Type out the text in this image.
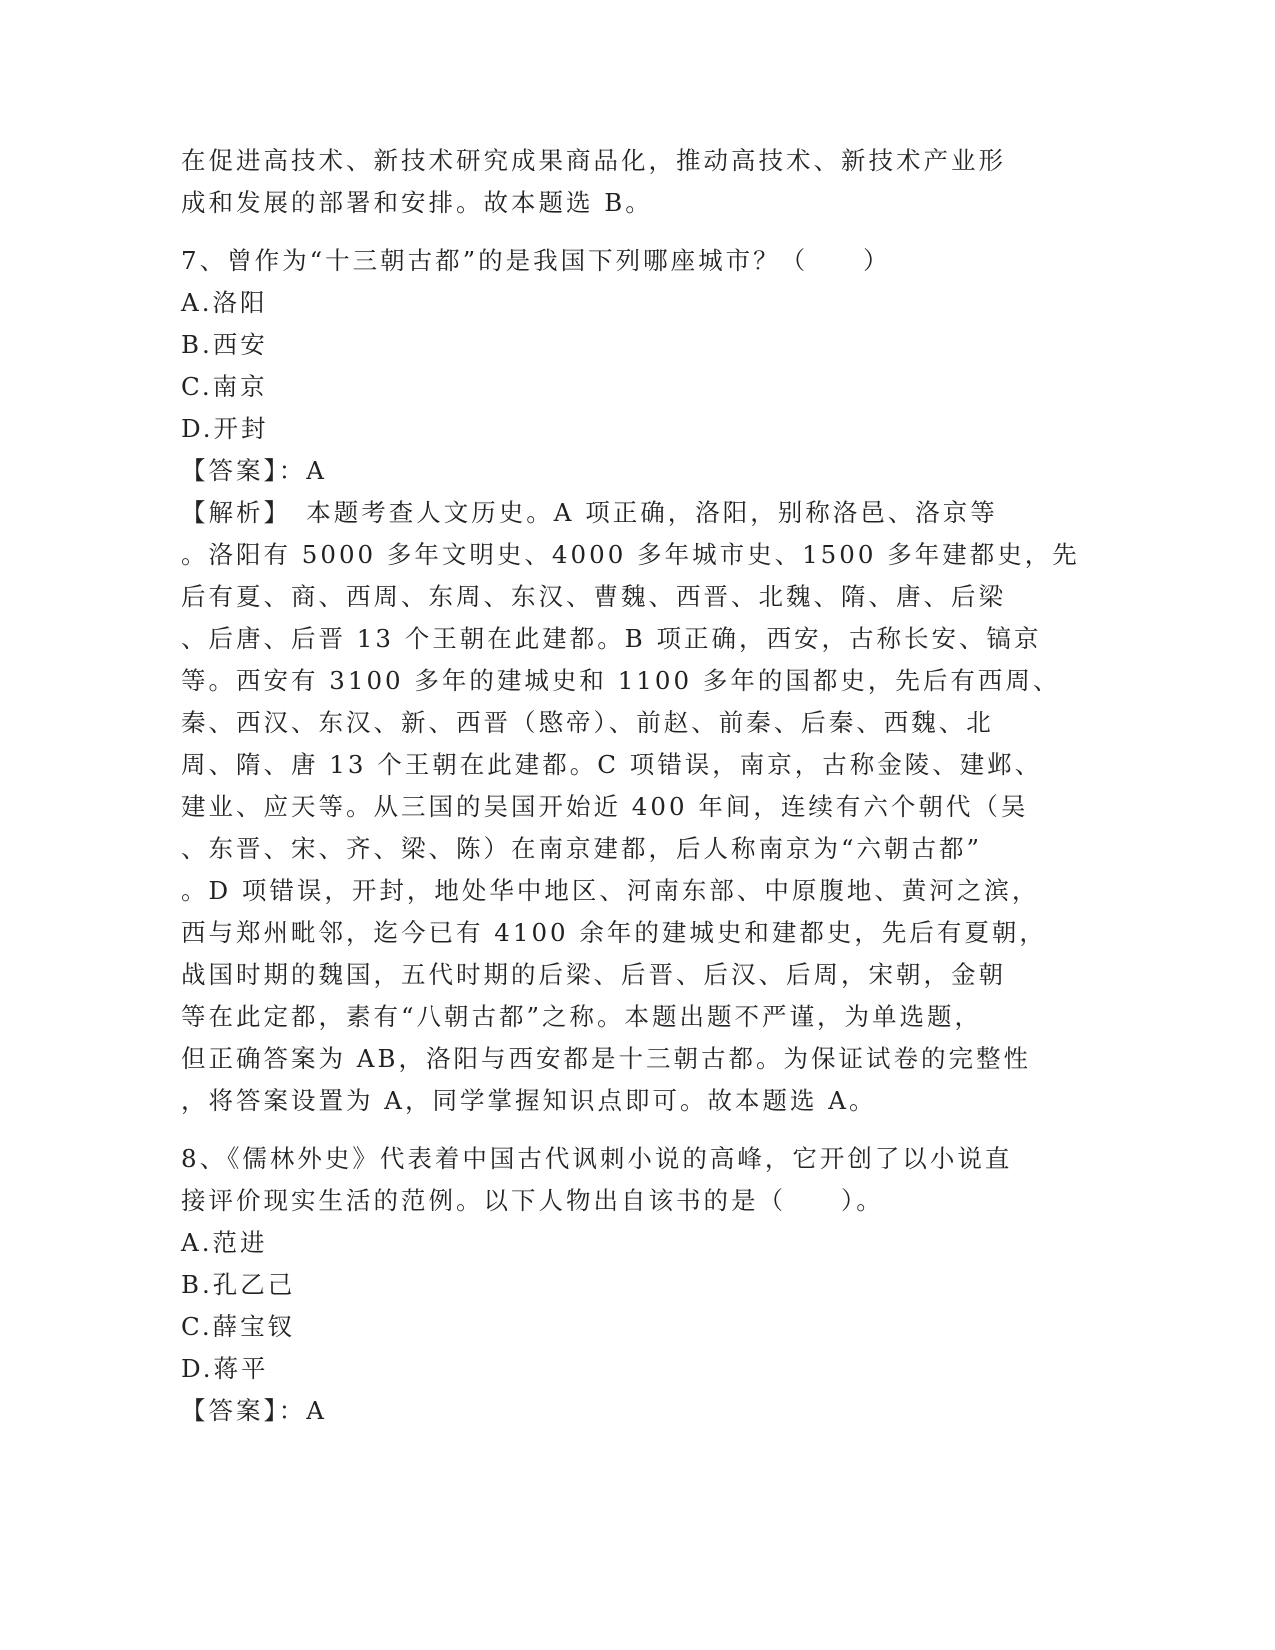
在促进高技术、新技术研究成果商品化，推动高技术、新技术产业形
成和发展的部署和安排。故本题选 B。
7、曾作为“十三朝古都”的是我国下列哪座城市？（　　）
A.洛阳
B.西安
C.南京
D.开封
【答案】：A
【解析】　本题考查人文历史。A 项正确，洛阳，别称洛邑、洛京等
。洛阳有 5000 多年文明史、4000 多年城市史、1500 多年建都史，先
后有夏、商、西周、东周、东汉、曹魏、西晋、北魏、隋、唐、后梁
、后唐、后晋 13 个王朝在此建都。B 项正确，西安，古称长安、镐京
等。西安有 3100 多年的建城史和 1100 多年的国都史，先后有西周、
秦、西汉、东汉、新、西晋（愍帝）、前赵、前秦、后秦、西魏、北
周、隋、唐 13 个王朝在此建都。C 项错误，南京，古称金陵、建邺、
建业、应天等。从三国的吴国开始近 400 年间，连续有六个朝代（吴
、东晋、宋、齐、梁、陈）在南京建都，后人称南京为“六朝古都”
。D 项错误，开封，地处华中地区、河南东部、中原腹地、黄河之滨，
西与郑州毗邻，迄今已有 4100 余年的建城史和建都史，先后有夏朝，
战国时期的魏国，五代时期的后梁、后晋、后汉、后周，宋朝，金朝
等在此定都，素有“八朝古都”之称。本题出题不严谨，为单选题，
但正确答案为 AB，洛阳与西安都是十三朝古都。为保证试卷的完整性
，将答案设置为 A，同学掌握知识点即可。故本题选 A。
8、《儒林外史》代表着中国古代讽刺小说的高峰，它开创了以小说直
接评价现实生活的范例。以下人物出自该书的是（　　）。
A.范进
B.孔乙己
C.薛宝钗
D.蒋平
【答案】：A
